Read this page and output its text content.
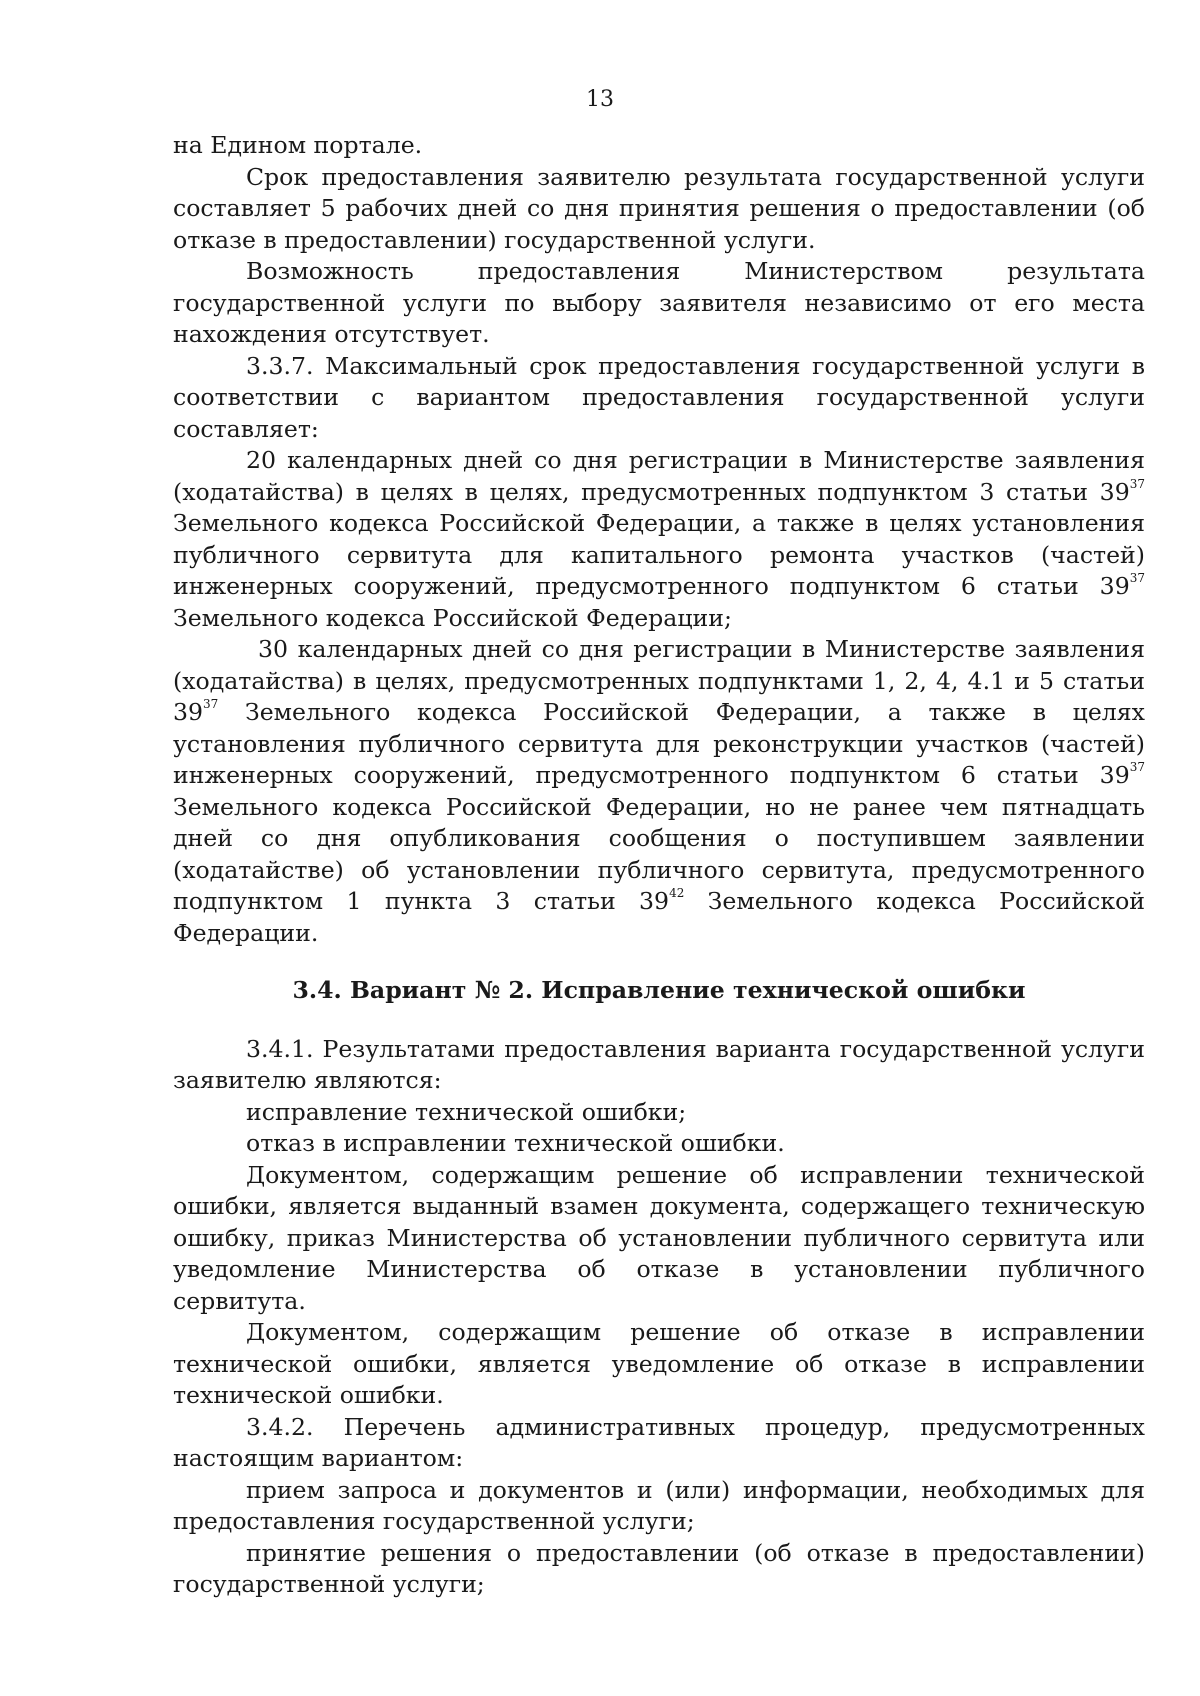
13

на Едином портале.

Срок предоставления заявителю результата государственной услуги составляет 5 рабочих дней со дня принятия решения о предоставлении (об отказе в предоставлении) государственной услуги.

Возможность предоставления Министерством результата государственной услуги по выбору заявителя независимо от его места нахождения отсутствует.

3.3.7. Максимальный срок предоставления государственной услуги в соответствии с вариантом предоставления государственной услуги составляет:

20 календарных дней со дня регистрации в Министерстве заявления (ходатайства) в целях в целях, предусмотренных подпунктом 3 статьи $39^{37}$ Земельного кодекса Российской Федерации, а также в целях установления публичного сервитута для капитального ремонта участков (частей) инженерных сооружений, предусмотренного подпунктом 6 статьи $39^{37}$ Земельного кодекса Российской Федерации;

30 календарных дней со дня регистрации в Министерстве заявления (ходатайства) в целях, предусмотренных подпунктами 1, 2, 4, 4.1 и 5 статьи $39^{37}$ Земельного кодекса Российской Федерации, а также в целях установления публичного сервитута для реконструкции участков (частей) инженерных сооружений, предусмотренного подпунктом 6 статьи $39^{37}$ Земельного кодекса Российской Федерации, но не ранее чем пятнадцать дней со дня опубликования сообщения о поступившем заявлении (ходатайстве) об установлении публичного сервитута, предусмотренного подпунктом 1 пункта 3 статьи $39^{42}$ Земельного кодекса Российской Федерации.

3.4. Вариант № 2. Исправление технической ошибки

3.4.1. Результатами предоставления варианта государственной услуги заявителю являются:

исправление технической ошибки;

отказ в исправлении технической ошибки.

Документом, содержащим решение об исправлении технической ошибки, является выданный взамен документа, содержащего техническую ошибку, приказ Министерства об установлении публичного сервитута или уведомление Министерства об отказе в установлении публичного сервитута.

Документом, содержащим решение об отказе в исправлении технической ошибки, является уведомление об отказе в исправлении технической ошибки.

3.4.2. Перечень административных процедур, предусмотренных настоящим вариантом:

прием запроса и документов и (или) информации, необходимых для предоставления государственной услуги;

принятие решения о предоставлении (об отказе в предоставлении) государственной услуги;
